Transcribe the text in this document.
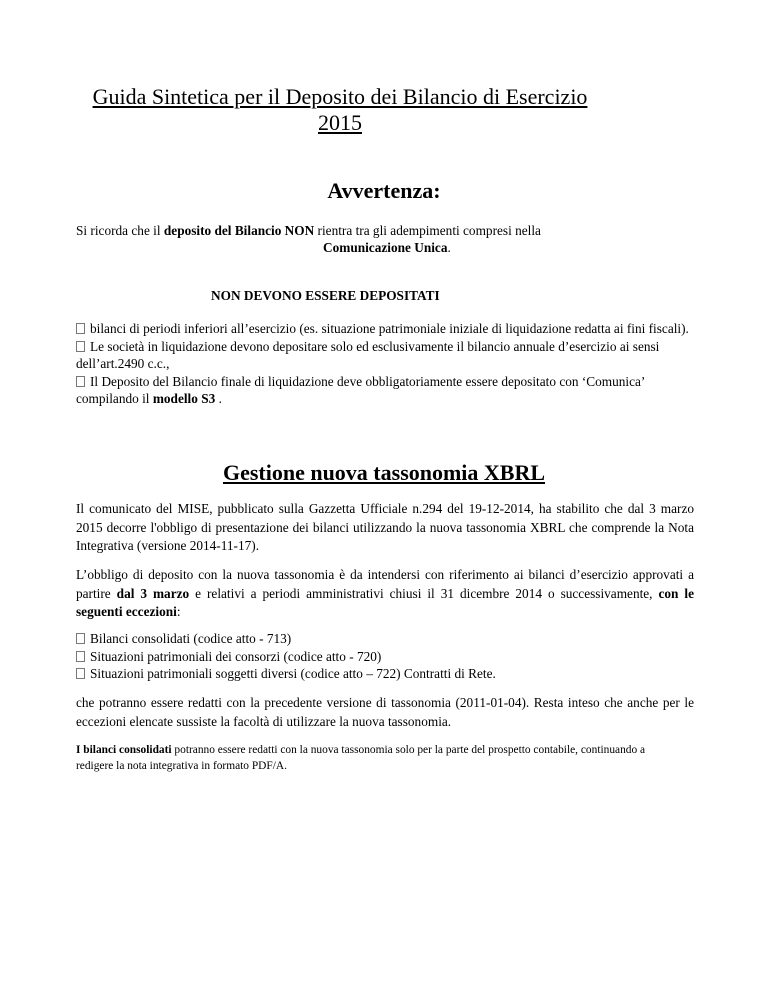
Guida Sintetica per il Deposito dei Bilancio di Esercizio
2015
Avvertenza:
Si ricorda che il deposito del Bilancio NON rientra tra gli adempimenti compresi nella
Comunicazione Unica.
NON DEVONO ESSERE DEPOSITATI
bilanci di periodi inferiori all’esercizio (es. situazione patrimoniale iniziale di liquidazione redatta ai fini fiscali).
Le società in liquidazione devono depositare solo ed esclusivamente il bilancio annuale d’esercizio ai sensi dell’art.2490 c.c.,
Il Deposito del Bilancio finale di liquidazione deve obbligatoriamente essere depositato con ‘Comunica’ compilando il modello S3 .
Gestione nuova tassonomia XBRL
Il comunicato del MISE, pubblicato sulla Gazzetta Ufficiale n.294 del 19-12-2014, ha stabilito che dal 3 marzo 2015 decorre l'obbligo di presentazione dei bilanci utilizzando la nuova tassonomia XBRL che comprende la Nota Integrativa (versione 2014-11-17).
L’obbligo di deposito con la nuova tassonomia è da intendersi con riferimento ai bilanci d’esercizio approvati a partire dal 3 marzo e relativi a periodi amministrativi chiusi il 31 dicembre 2014 o successivamente, con le seguenti eccezioni:
Bilanci consolidati (codice atto - 713)
Situazioni patrimoniali dei consorzi (codice atto - 720)
Situazioni patrimoniali soggetti diversi (codice atto – 722) Contratti di Rete.
che potranno essere redatti con la precedente versione di tassonomia (2011-01-04). Resta inteso che anche per le eccezioni elencate sussiste la facoltà di utilizzare la nuova tassonomia.
I bilanci consolidati potranno essere redatti con la nuova tassonomia solo per la parte del prospetto contabile, continuando a redigere la nota integrativa in formato PDF/A.
